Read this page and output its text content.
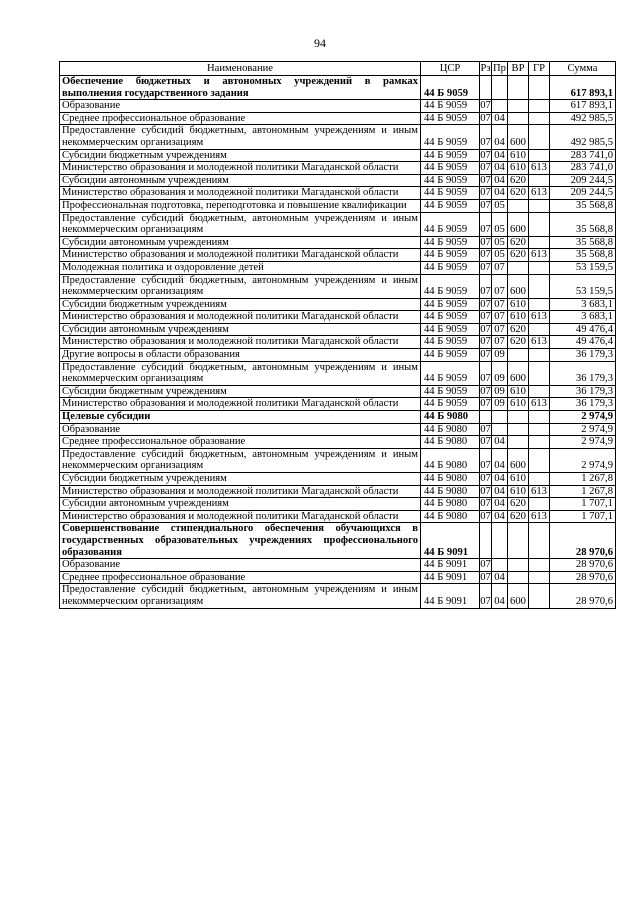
94
Наименование	ЦСР	Рз	Пр	ВР	ГР	Сумма
Обеспечение бюджетных и автономных учреждений в рамках выполнения государственного задания	44 Б 9059					617 893,1
Образование	44 Б 9059	07				617 893,1
Среднее профессиональное образование	44 Б 9059	07	04			492 985,5
Предоставление субсидий бюджетным, автономным учреждениям и иным некоммерческим организациям	44 Б 9059	07	04	600		492 985,5
Субсидии бюджетным учреждениям	44 Б 9059	07	04	610		283 741,0
Министерство образования и молодежной политики Магаданской области	44 Б 9059	07	04	610	613	283 741,0
Субсидии автономным учреждениям	44 Б 9059	07	04	620		209 244,5
Министерство образования и молодежной политики Магаданской области	44 Б 9059	07	04	620	613	209 244,5
Профессиональная подготовка, переподготовка и повышение квалификации	44 Б 9059	07	05			35 568,8
Предоставление субсидий бюджетным, автономным учреждениям и иным некоммерческим организациям	44 Б 9059	07	05	600		35 568,8
Субсидии автономным учреждениям	44 Б 9059	07	05	620		35 568,8
Министерство образования и молодежной политики Магаданской области	44 Б 9059	07	05	620	613	35 568,8
Молодежная политика и оздоровление детей	44 Б 9059	07	07			53 159,5
Предоставление субсидий бюджетным, автономным учреждениям и иным некоммерческим организациям	44 Б 9059	07	07	600		53 159,5
Субсидии бюджетным учреждениям	44 Б 9059	07	07	610		3 683,1
Министерство образования и молодежной политики Магаданской области	44 Б 9059	07	07	610	613	3 683,1
Субсидии автономным учреждениям	44 Б 9059	07	07	620		49 476,4
Министерство образования и молодежной политики Магаданской области	44 Б 9059	07	07	620	613	49 476,4
Другие вопросы в области образования	44 Б 9059	07	09			36 179,3
Предоставление субсидий бюджетным, автономным учреждениям и иным некоммерческим организациям	44 Б 9059	07	09	600		36 179,3
Субсидии бюджетным учреждениям	44 Б 9059	07	09	610		36 179,3
Министерство образования и молодежной политики Магаданской области	44 Б 9059	07	09	610	613	36 179,3
Целевые субсидии	44 Б 9080					2 974,9
Образование	44 Б 9080	07				2 974,9
Среднее профессиональное образование	44 Б 9080	07	04			2 974,9
Предоставление субсидий бюджетным, автономным учреждениям и иным некоммерческим организациям	44 Б 9080	07	04	600		2 974,9
Субсидии бюджетным учреждениям	44 Б 9080	07	04	610		1 267,8
Министерство образования и молодежной политики Магаданской области	44 Б 9080	07	04	610	613	1 267,8
Субсидии автономным учреждениям	44 Б 9080	07	04	620		1 707,1
Министерство образования и молодежной политики Магаданской области	44 Б 9080	07	04	620	613	1 707,1
Совершенствование стипендиального обеспечения обучающихся в государственных образовательных учреждениях профессионального образования	44 Б 9091					28 970,6
Образование	44 Б 9091	07				28 970,6
Среднее профессиональное образование	44 Б 9091	07	04			28 970,6
Предоставление субсидий бюджетным, автономным учреждениям и иным некоммерческим организациям	44 Б 9091	07	04	600		28 970,6
